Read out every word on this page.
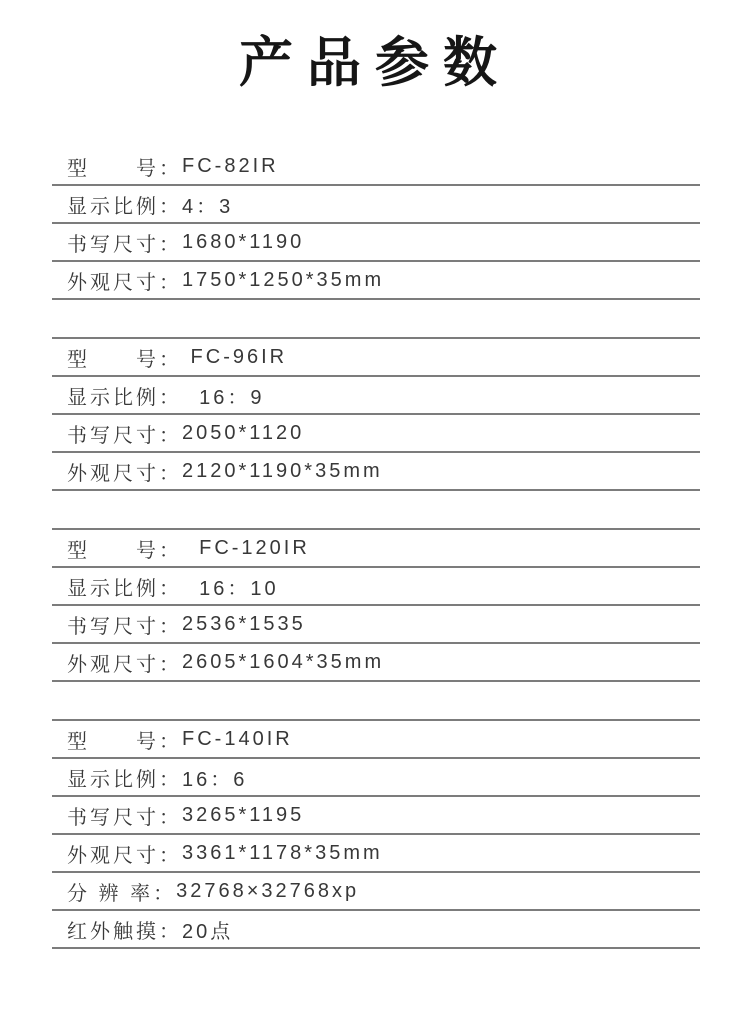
产品参数
型　　号： FC-82IR
显示比例： 4：3
书写尺寸： 1680*1190
外观尺寸： 1750*1250*35mm
型　　号： FC-96IR
显示比例： 16：9
书写尺寸： 2050*1120
外观尺寸： 2120*1190*35mm
型　　号： FC-120IR
显示比例： 16：10
书写尺寸： 2536*1535
外观尺寸： 2605*1604*35mm
型　　号： FC-140IR
显示比例： 16：6
书写尺寸： 3265*1195
外观尺寸： 3361*1178*35mm
分 辨 率： 32768×32768xp
红外触摸： 20点
